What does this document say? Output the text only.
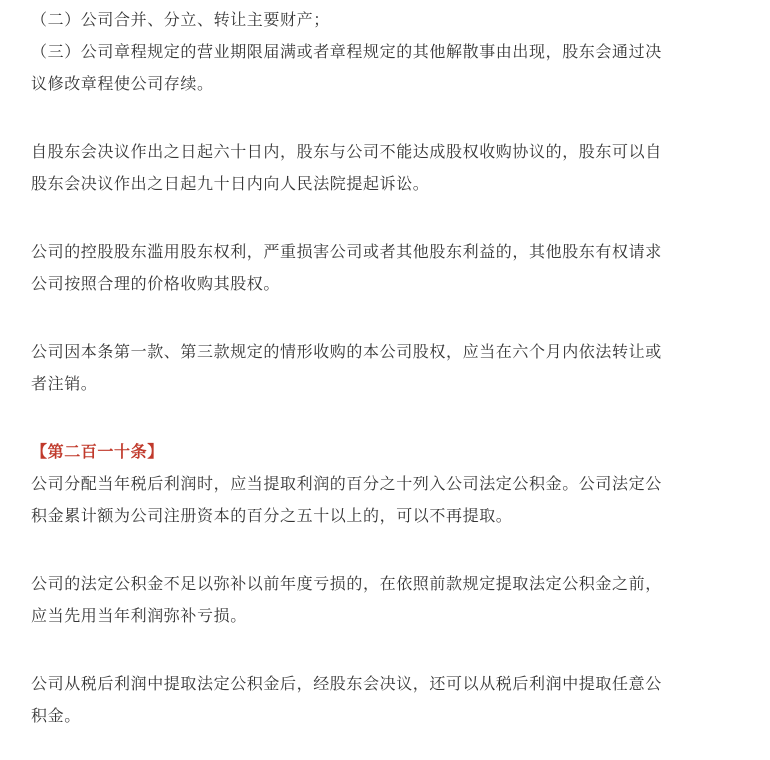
（二）公司合并、分立、转让主要财产；

（三）公司章程规定的营业期限届满或者章程规定的其他解散事由出现，股东会通过决

议修改章程使公司存续。

自股东会决议作出之日起六十日内，股东与公司不能达成股权收购协议的，股东可以自

股东会决议作出之日起九十日内向人民法院提起诉讼。

公司的控股股东滥用股东权利，严重损害公司或者其他股东利益的，其他股东有权请求

公司按照合理的价格收购其股权。

公司因本条第一款、第三款规定的情形收购的本公司股权，应当在六个月内依法转让或

者注销。

【第二百一十条】

公司分配当年税后利润时，应当提取利润的百分之十列入公司法定公积金。公司法定公

积金累计额为公司注册资本的百分之五十以上的，可以不再提取。

公司的法定公积金不足以弥补以前年度亏损的，在依照前款规定提取法定公积金之前，

应当先用当年利润弥补亏损。

公司从税后利润中提取法定公积金后，经股东会决议，还可以从税后利润中提取任意公

积金。
